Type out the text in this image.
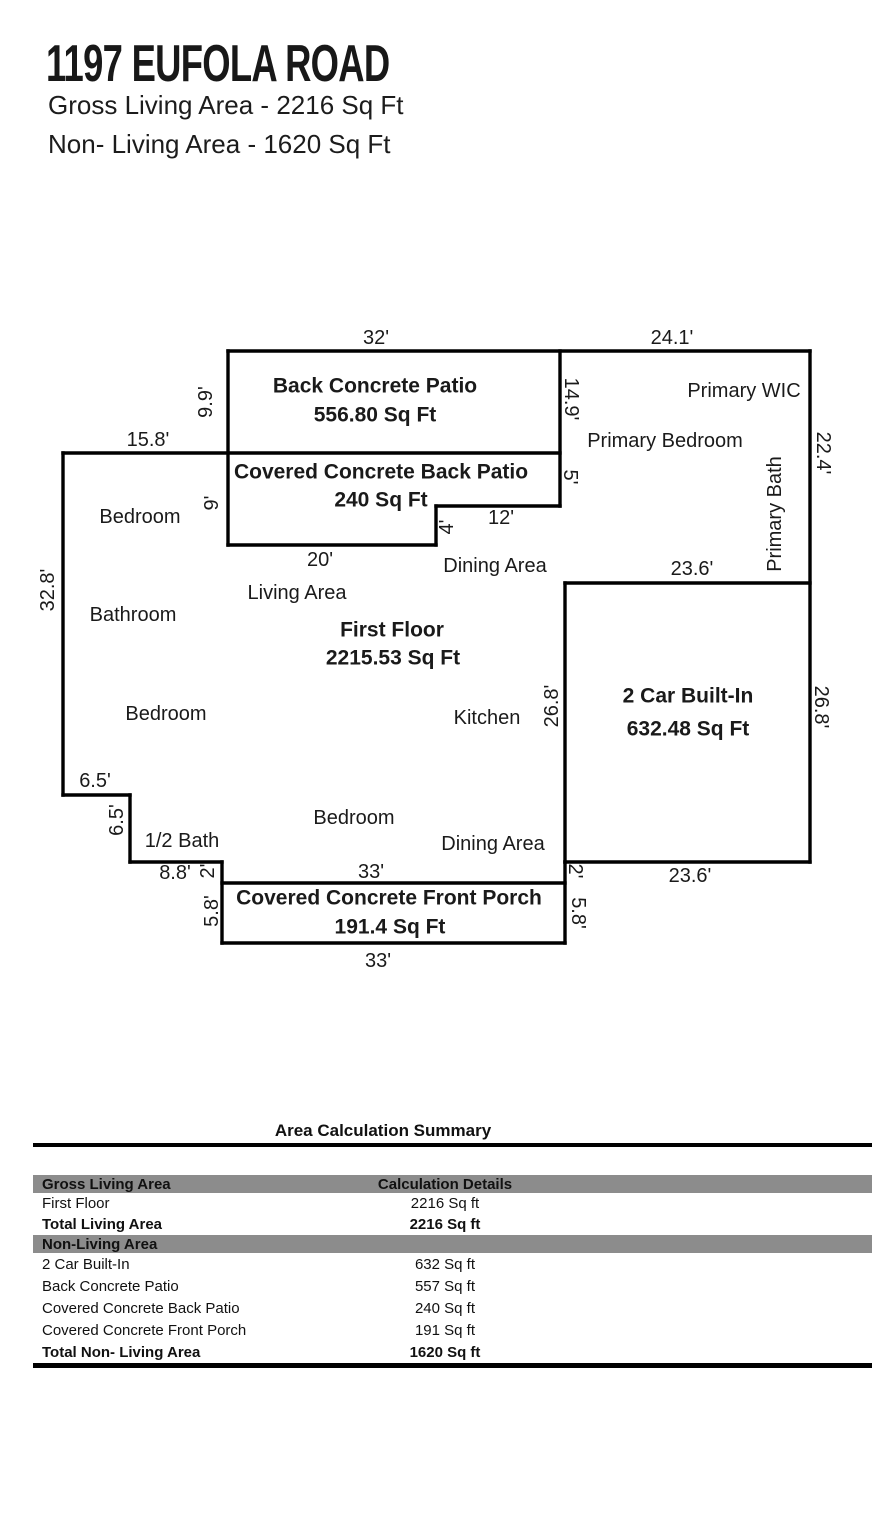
1197 EUFOLA ROAD
Gross Living Area - 2216 Sq Ft
Non- Living Area - 1620 Sq Ft
32'	24.1'
15.8'
9.9'	14.9'
9'
5'
12'
4'
20'
32.8'
22.4'
23.6'
26.8'	26.8'
23.6'
6.5'
6.5'
8.8' 2'	2'
5.8'	5.8'
33'
33'
Back Concrete Patio
556.80 Sq Ft
Covered Concrete Back Patio
240 Sq Ft
First Floor
2215.53 Sq Ft
2 Car Built-In
632.48 Sq Ft
Covered Concrete Front Porch
191.4 Sq Ft
Primary WIC
Primary Bedroom
Primary Bath
Bedroom
Bathroom
Bedroom
Living Area
Dining Area
Kitchen
Bedroom
1/2 Bath	Dining Area
Area Calculation Summary
Gross Living Area	Calculation Details
First Floor	2216 Sq ft
Total Living Area	2216 Sq ft
Non-Living Area
2 Car Built-In	632 Sq ft
Back Concrete Patio	557 Sq ft
Covered Concrete Back Patio	240 Sq ft
Covered Concrete Front Porch	191 Sq ft
Total Non- Living Area	1620 Sq ft
